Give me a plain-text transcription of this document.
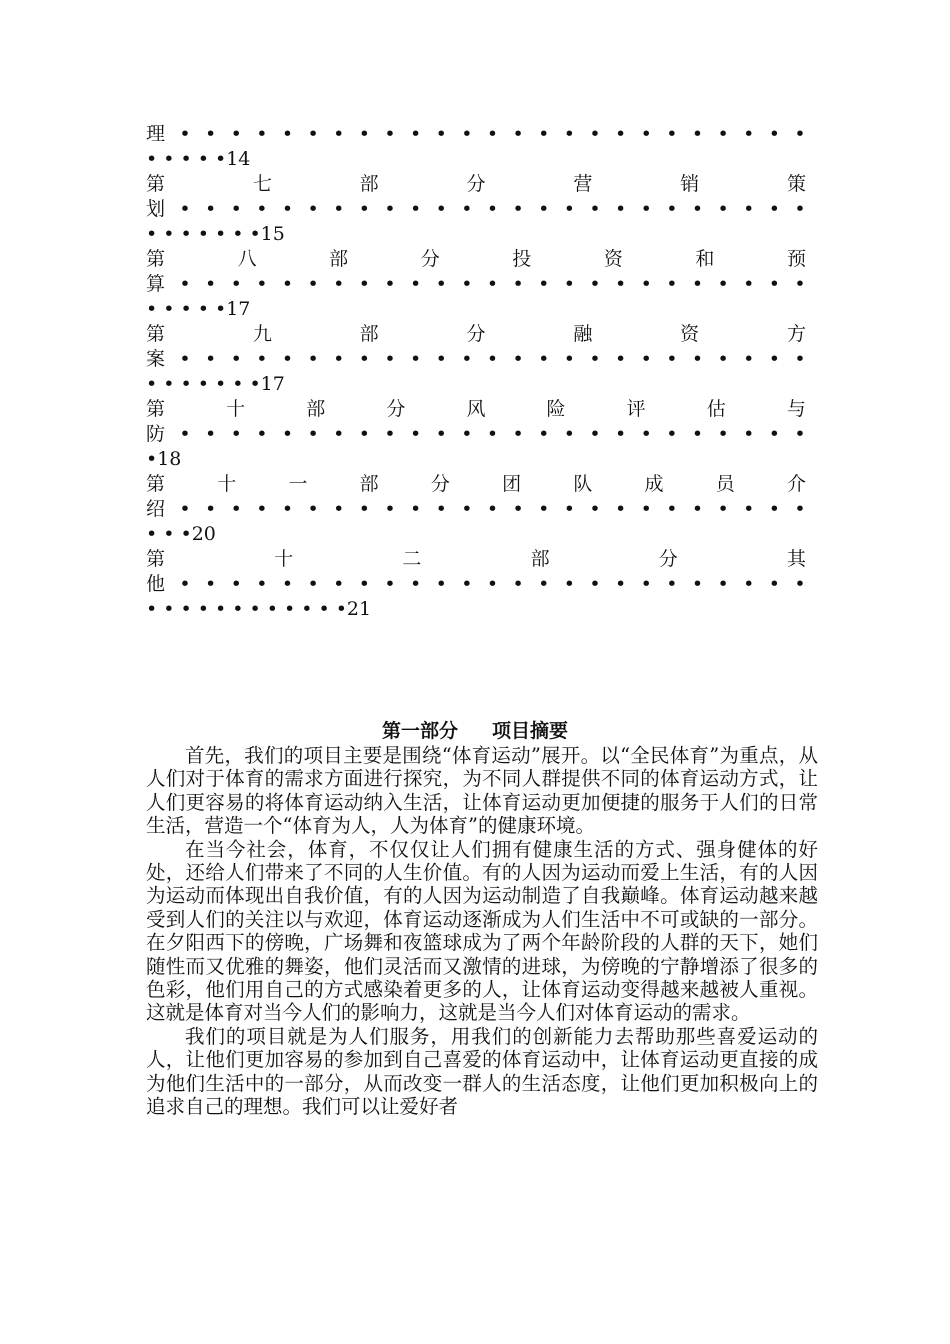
理 • • • • • • • • • • • • • • • • • • • • • • • • •
• • • • •14
第	七	部	分	营	销	策
划 • • • • • • • • • • • • • • • • • • • • • • • • •
• • • • • • •15
第	八	部	分	投	资	和	预
算 • • • • • • • • • • • • • • • • • • • • • • • • •
• • • • •17
第	九	部	分	融	资	方
案 • • • • • • • • • • • • • • • • • • • • • • • • •
• • • • • • •17
第	十	部	分	风	险	评	估	与
防 • • • • • • • • • • • • • • • • • • • • • • • • •
•18
第	十	一	部	分	团	队	成	员	介
绍 • • • • • • • • • • • • • • • • • • • • • • • • •
• • •20
第	十	二	部	分	其
他 • • • • • • • • • • • • • • • • • • • • • • • • •
• • • • • • • • • • • •21
第一部分 项目摘要

首先，我们的项目主要是围绕“体育运动”展开。以“全民体育”为重点，从人们对于体育的需求方面进行探究，为不同人群提供不同的体育运动方式，让人们更容易的将体育运动纳入生活，让体育运动更加便捷的服务于人们的日常生活，营造一个“体育为人，人为体育”的健康环境。

在当今社会，体育，不仅仅让人们拥有健康生活的方式、强身健体的好处，还给人们带来了不同的人生价值。有的人因为运动而爱上生活，有的人因为运动而体现出自我价值，有的人因为运动制造了自我巅峰。体育运动越来越受到人们的关注以与欢迎，体育运动逐渐成为人们生活中不可或缺的一部分。在夕阳西下的傍晚，广场舞和夜篮球成为了两个年龄阶段的人群的天下，她们随性而又优雅的舞姿，他们灵活而又激情的进球，为傍晚的宁静增添了很多的色彩，他们用自己的方式感染着更多的人，让体育运动变得越来越被人重视。这就是体育对当今人们的影响力，这就是当今人们对体育运动的需求。

我们的项目就是为人们服务，用我们的创新能力去帮助那些喜爱运动的人，让他们更加容易的参加到自己喜爱的体育运动中，让体育运动更直接的成为他们生活中的一部分，从而改变一群人的生活态度，让他们更加积极向上的追求自己的理想。我们可以让爱好者
